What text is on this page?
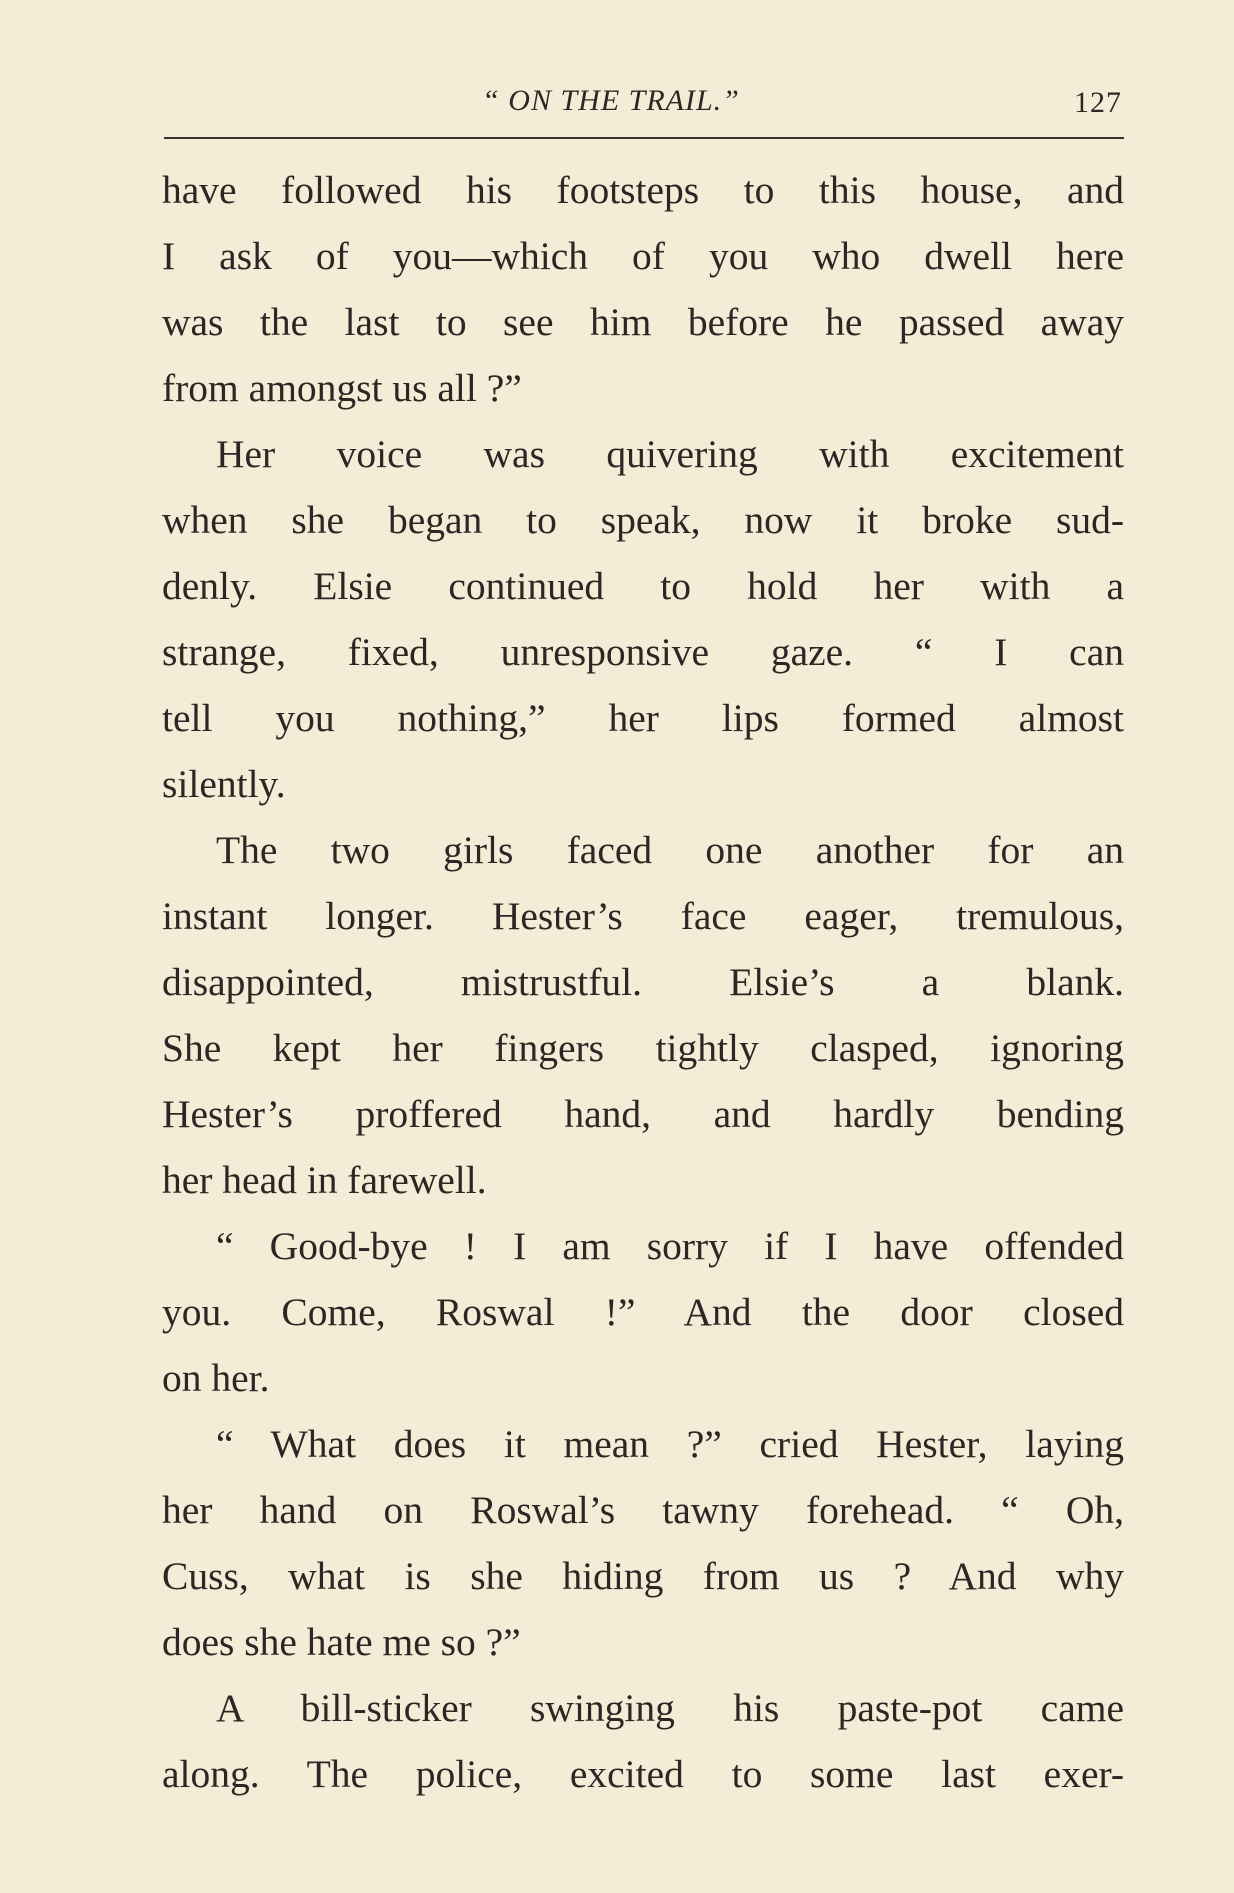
“ ON THE TRAIL.”	127
have followed his footsteps to this house, and
I ask of you—which of you who dwell here
was the last to see him before he passed away
from amongst us all ?”
Her voice was quivering with excitement
when she began to speak, now it broke sud-
denly. Elsie continued to hold her with a
strange, fixed, unresponsive gaze. “ I can
tell you nothing,” her lips formed almost
silently.
The two girls faced one another for an
instant longer. Hester’s face eager, tremulous,
disappointed, mistrustful. Elsie’s a blank.
She kept her fingers tightly clasped, ignoring
Hester’s proffered hand, and hardly bending
her head in farewell.
“ Good-bye ! I am sorry if I have offended
you. Come, Roswal !” And the door closed
on her.
“ What does it mean ?” cried Hester, laying
her hand on Roswal’s tawny forehead. “ Oh,
Cuss, what is she hiding from us ? And why
does she hate me so ?”
A bill-sticker swinging his paste-pot came
along. The police, excited to some last exer-
